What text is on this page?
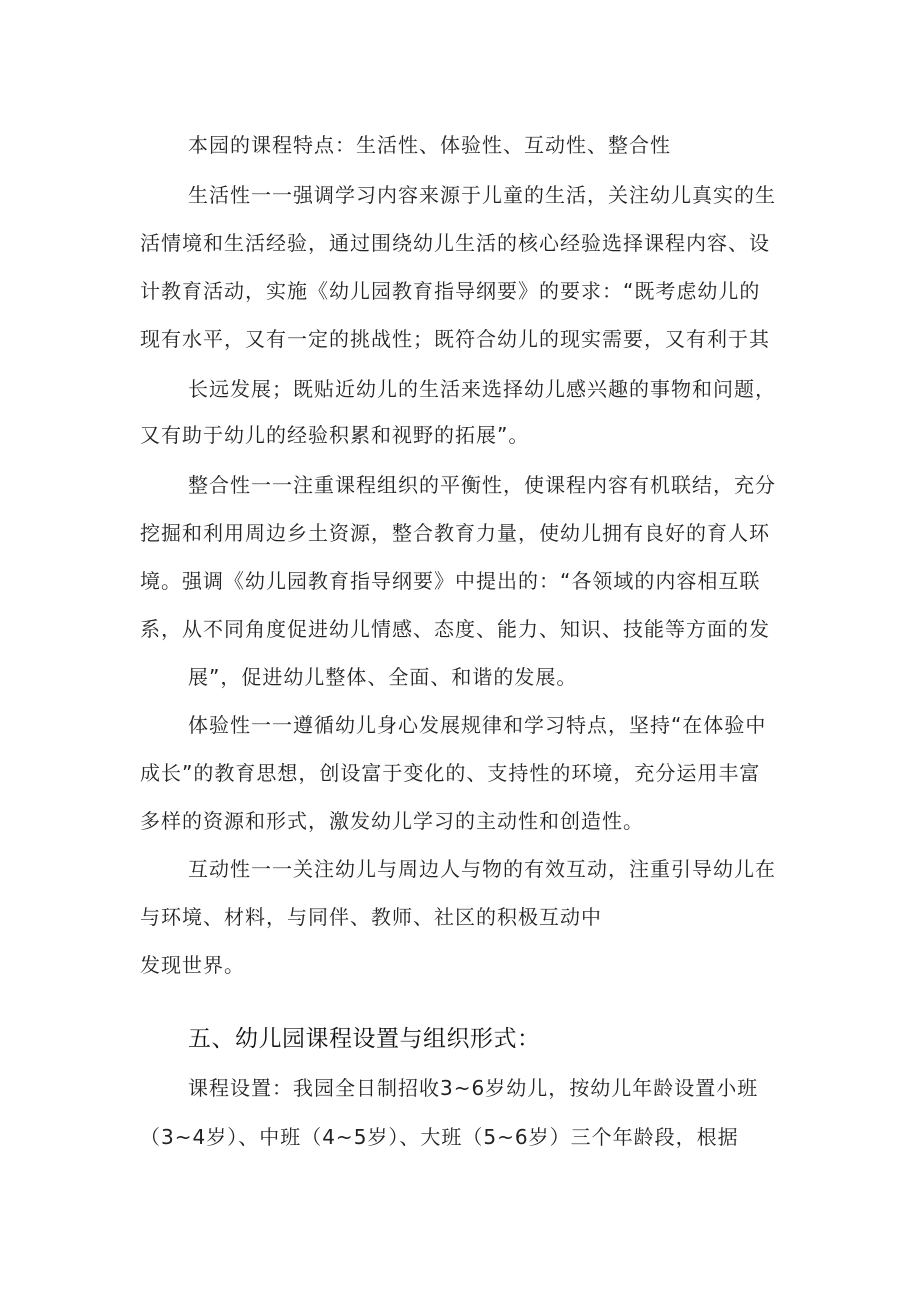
本园的课程特点：生活性、体验性、互动性、整合性
生活性一一强调学习内容来源于儿童的生活，关注幼儿真实的生
活情境和生活经验，通过围绕幼儿生活的核心经验选择课程内容、设
计教育活动，实施《幼儿园教育指导纲要》的要求：“既考虑幼儿的
现有水平，又有一定的挑战性；既符合幼儿的现实需要，又有利于其
长远发展；既贴近幼儿的生活来选择幼儿感兴趣的事物和问题，
又有助于幼儿的经验积累和视野的拓展”。
整合性一一注重课程组织的平衡性，使课程内容有机联结，充分
挖掘和利用周边乡土资源，整合教育力量，使幼儿拥有良好的育人环
境。强调《幼儿园教育指导纲要》中提出的：“各领域的内容相互联
系，从不同角度促进幼儿情感、态度、能力、知识、技能等方面的发
展”，促进幼儿整体、全面、和谐的发展。
体验性一一遵循幼儿身心发展规律和学习特点，坚持“在体验中
成长”的教育思想，创设富于变化的、支持性的环境，充分运用丰富
多样的资源和形式，激发幼儿学习的主动性和创造性。
互动性一一关注幼儿与周边人与物的有效互动，注重引导幼儿在
与环境、材料，与同伴、教师、社区的积极互动中
发现世界。
五、幼儿园课程设置与组织形式：
课程设置：我园全日制招收3~6岁幼儿，按幼儿年龄设置小班
（3~4岁）、中班（4~5岁）、大班（5~6岁）三个年龄段，根据
